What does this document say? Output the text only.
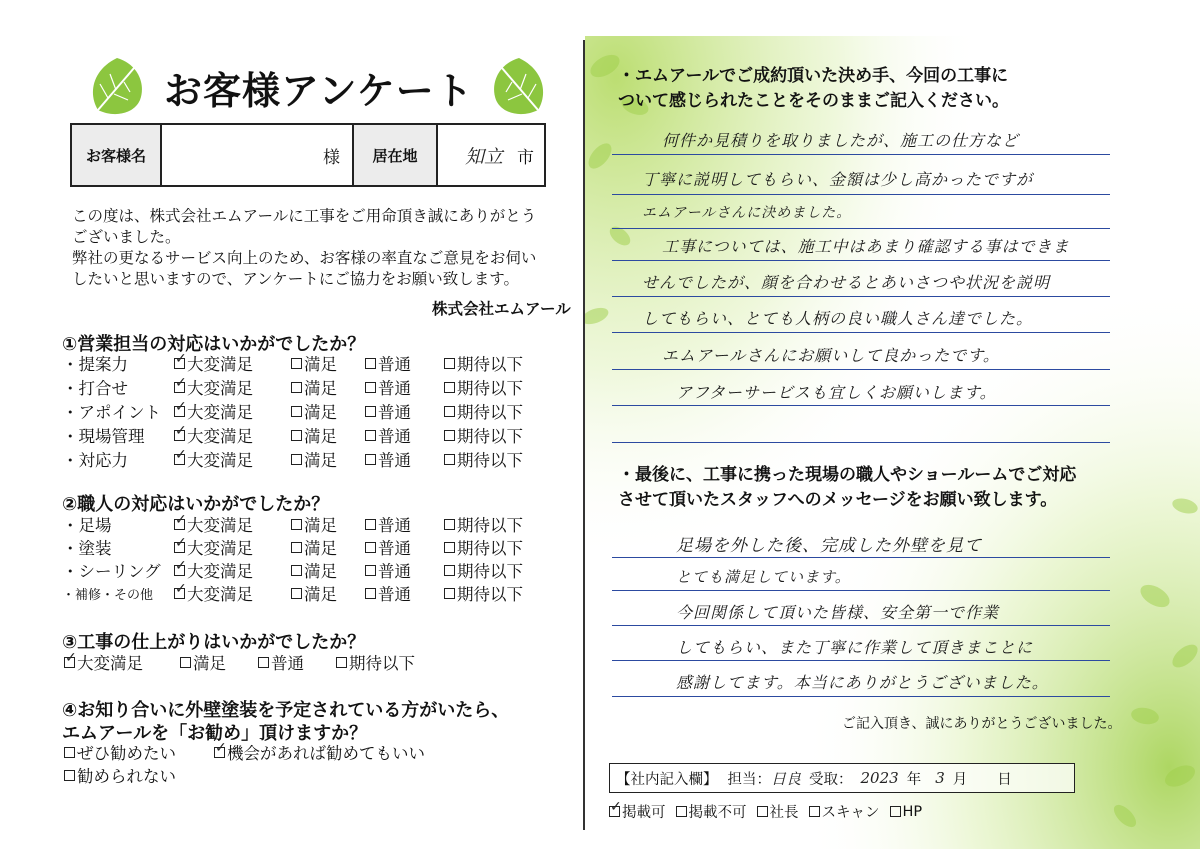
お客様アンケート
お客様名	様	居在地	知立 市

この度は、株式会社エムアールに工事をご用命頂き誠にありがとう

ございました。

弊社の更なるサービス向上のため、お客様の率直なご意見をお伺い

したいと思いますので、アンケートにご協力をお願い致します。

株式会社エムアール
①営業担当の対応はいかがでしたか？
・提案力 ✓	大変満足	満足 普通	期待以下
・打合せ ✓	大変満足	満足 普通	期待以下
・アポイント ✓	大変満足	満足 普通	期待以下
・現場管理 ✓	大変満足	満足 普通	期待以下
・対応力 ✓	大変満足	満足 普通	期待以下
②職人の対応はいかがでしたか？
・足場 ✓	大変満足	満足 普通	期待以下
・塗装 ✓	大変満足	満足 普通	期待以下
・シーリング ✓	大変満足	満足 普通	期待以下
・補修・その他 ✓	大変満足	満足 普通	期待以下
③工事の仕上がりはいかがでしたか？
✓
大変満足	満足	普通	期待以下
④お知り合いに外壁塗装を予定されている方がいたら、
エムアールを「お勧め」頂けますか？
ぜひ勧めたい ✓	機会があれば勧めてもいい
勧められない
・エムアールでご成約頂いた決め手、今回の工事に
ついて感じられたことをそのままご記入ください。
何件か見積りを取りましたが、施工の仕方など
丁寧に説明してもらい、金額は少し高かったですが
エムアールさんに決めました。
工事については、施工中はあまり確認する事はできま
せんでしたが、顔を合わせるとあいさつや状況を説明
してもらい、とても人柄の良い職人さん達でした。
エムアールさんにお願いして良かったです。
アフターサービスも宜しくお願いします。
・最後に、工事に携った現場の職人やショールームでご対応
させて頂いたスタッフへのメッセージをお願い致します。
足場を外した後、完成した外壁を見て
とても満足しています。
今回関係して頂いた皆様、安全第一で作業
してもらい、また丁寧に作業して頂きまことに
感謝してます。本当にありがとうございました。
ご記入頂き、誠にありがとうございました。
【社内記入欄】 担当： 日良 受取： 2023 年 3 月 日
✓
掲載可 掲載不可 社長 スキャン HP
